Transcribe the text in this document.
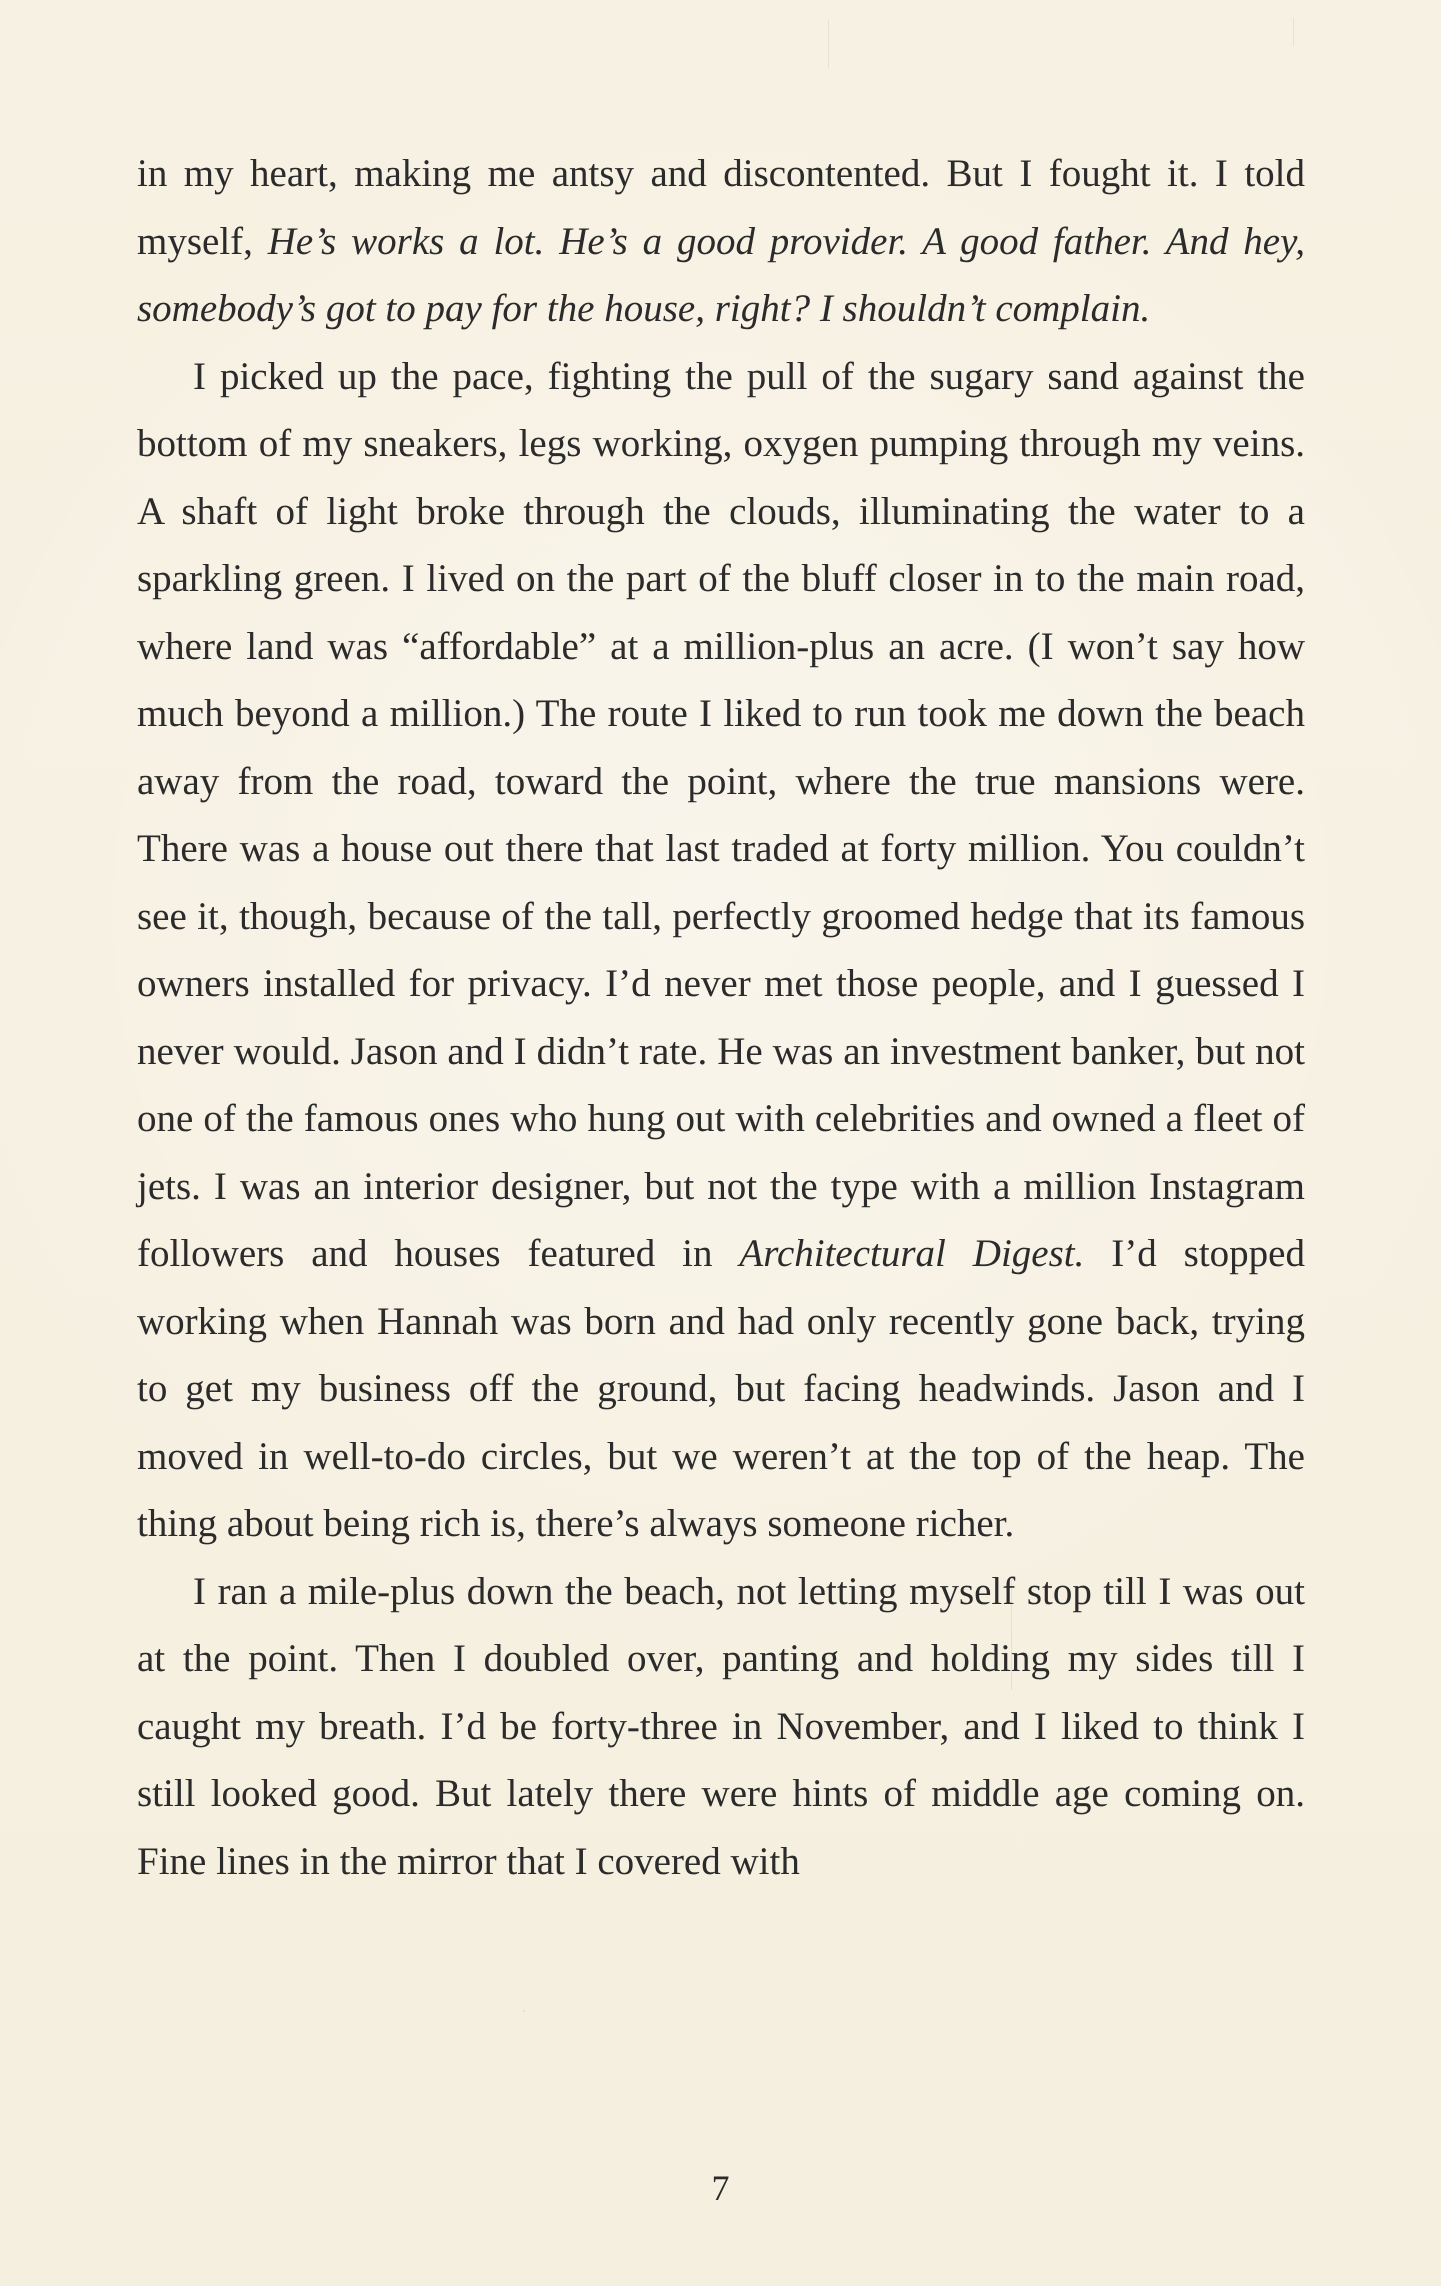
in my heart, making me antsy and discontented. But I fought it. I told myself, He’s works a lot. He’s a good provider. A good father. And hey, somebody’s got to pay for the house, right? I shouldn’t complain.

I picked up the pace, fighting the pull of the sugary sand against the bottom of my sneakers, legs working, oxygen pumping through my veins. A shaft of light broke through the clouds, illuminating the water to a sparkling green. I lived on the part of the bluff closer in to the main road, where land was “affordable” at a million-plus an acre. (I won’t say how much beyond a million.) The route I liked to run took me down the beach away from the road, toward the point, where the true mansions were. There was a house out there that last traded at forty million. You couldn’t see it, though, because of the tall, perfectly groomed hedge that its famous owners installed for privacy. I’d never met those people, and I guessed I never would. Jason and I didn’t rate. He was an investment banker, but not one of the famous ones who hung out with celebrities and owned a fleet of jets. I was an interior designer, but not the type with a million Instagram followers and houses featured in Architectural Digest. I’d stopped working when Hannah was born and had only recently gone back, trying to get my business off the ground, but facing headwinds. Jason and I moved in well-to-do circles, but we weren’t at the top of the heap. The thing about being rich is, there’s always someone richer.

I ran a mile-plus down the beach, not letting myself stop till I was out at the point. Then I doubled over, panting and holding my sides till I caught my breath. I’d be forty-three in November, and I liked to think I still looked good. But lately there were hints of middle age coming on. Fine lines in the mirror that I covered with

7
